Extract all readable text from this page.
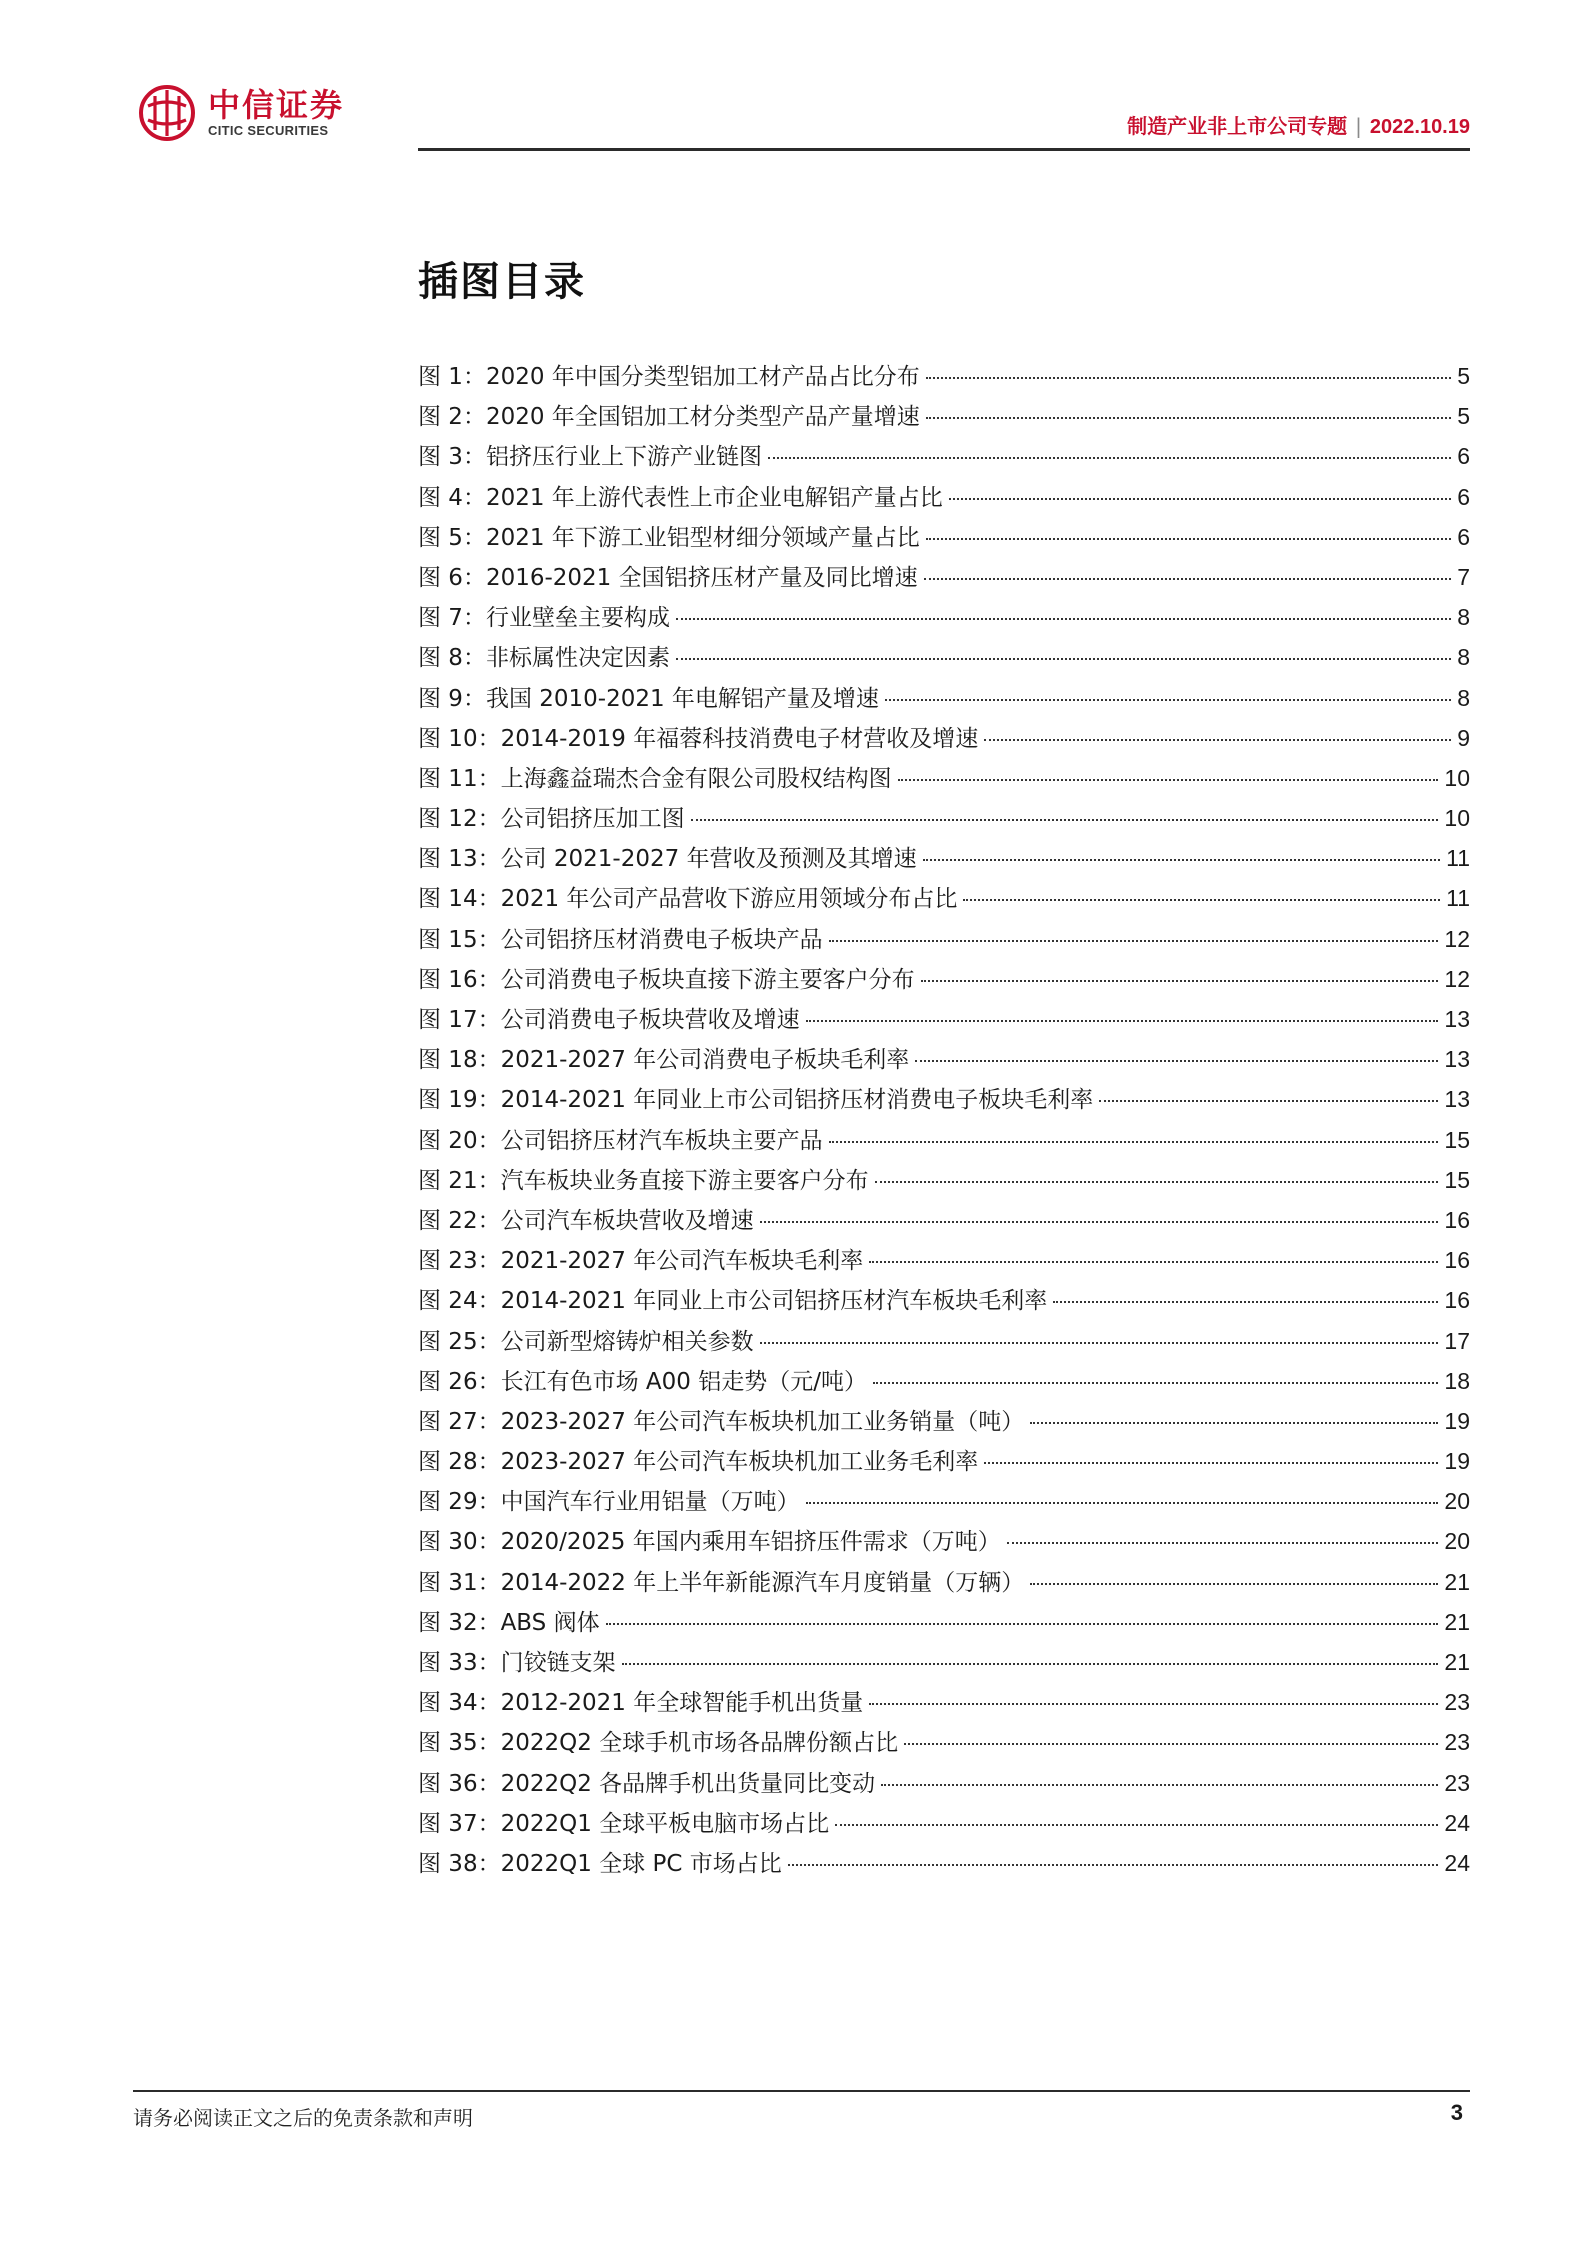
中信证券
CITIC SECURITIES	制造产业非上市公司专题 | 2022.10.19
插图目录
图 1：2020 年中国分类型铝加工材产品占比分布	5
图 2：2020 年全国铝加工材分类型产品产量增速	5
图 3：铝挤压行业上下游产业链图	6
图 4：2021 年上游代表性上市企业电解铝产量占比	6
图 5：2021 年下游工业铝型材细分领域产量占比	6
图 6：2016-2021 全国铝挤压材产量及同比增速	7
图 7：行业壁垒主要构成	8
图 8：非标属性决定因素	8
图 9：我国 2010-2021 年电解铝产量及增速	8
图 10：2014-2019 年福蓉科技消费电子材营收及增速	9
图 11：上海鑫益瑞杰合金有限公司股权结构图	10
图 12：公司铝挤压加工图	10
图 13：公司 2021-2027 年营收及预测及其增速	11
图 14：2021 年公司产品营收下游应用领域分布占比	11
图 15：公司铝挤压材消费电子板块产品	12
图 16：公司消费电子板块直接下游主要客户分布	12
图 17：公司消费电子板块营收及增速	13
图 18：2021-2027 年公司消费电子板块毛利率	13
图 19：2014-2021 年同业上市公司铝挤压材消费电子板块毛利率	13
图 20：公司铝挤压材汽车板块主要产品	15
图 21：汽车板块业务直接下游主要客户分布	15
图 22：公司汽车板块营收及增速	16
图 23：2021-2027 年公司汽车板块毛利率	16
图 24：2014-2021 年同业上市公司铝挤压材汽车板块毛利率	16
图 25：公司新型熔铸炉相关参数	17
图 26：长江有色市场 A00 铝走势（元/吨）	18
图 27：2023-2027 年公司汽车板块机加工业务销量（吨）	19
图 28：2023-2027 年公司汽车板块机加工业务毛利率	19
图 29：中国汽车行业用铝量（万吨）	20
图 30：2020/2025 年国内乘用车铝挤压件需求（万吨）	20
图 31：2014-2022 年上半年新能源汽车月度销量（万辆）	21
图 32：ABS 阀体	21
图 33：门铰链支架	21
图 34：2012-2021 年全球智能手机出货量	23
图 35：2022Q2 全球手机市场各品牌份额占比	23
图 36：2022Q2 各品牌手机出货量同比变动	23
图 37：2022Q1 全球平板电脑市场占比	24
图 38：2022Q1 全球 PC 市场占比	24
请务必阅读正文之后的免责条款和声明	3
